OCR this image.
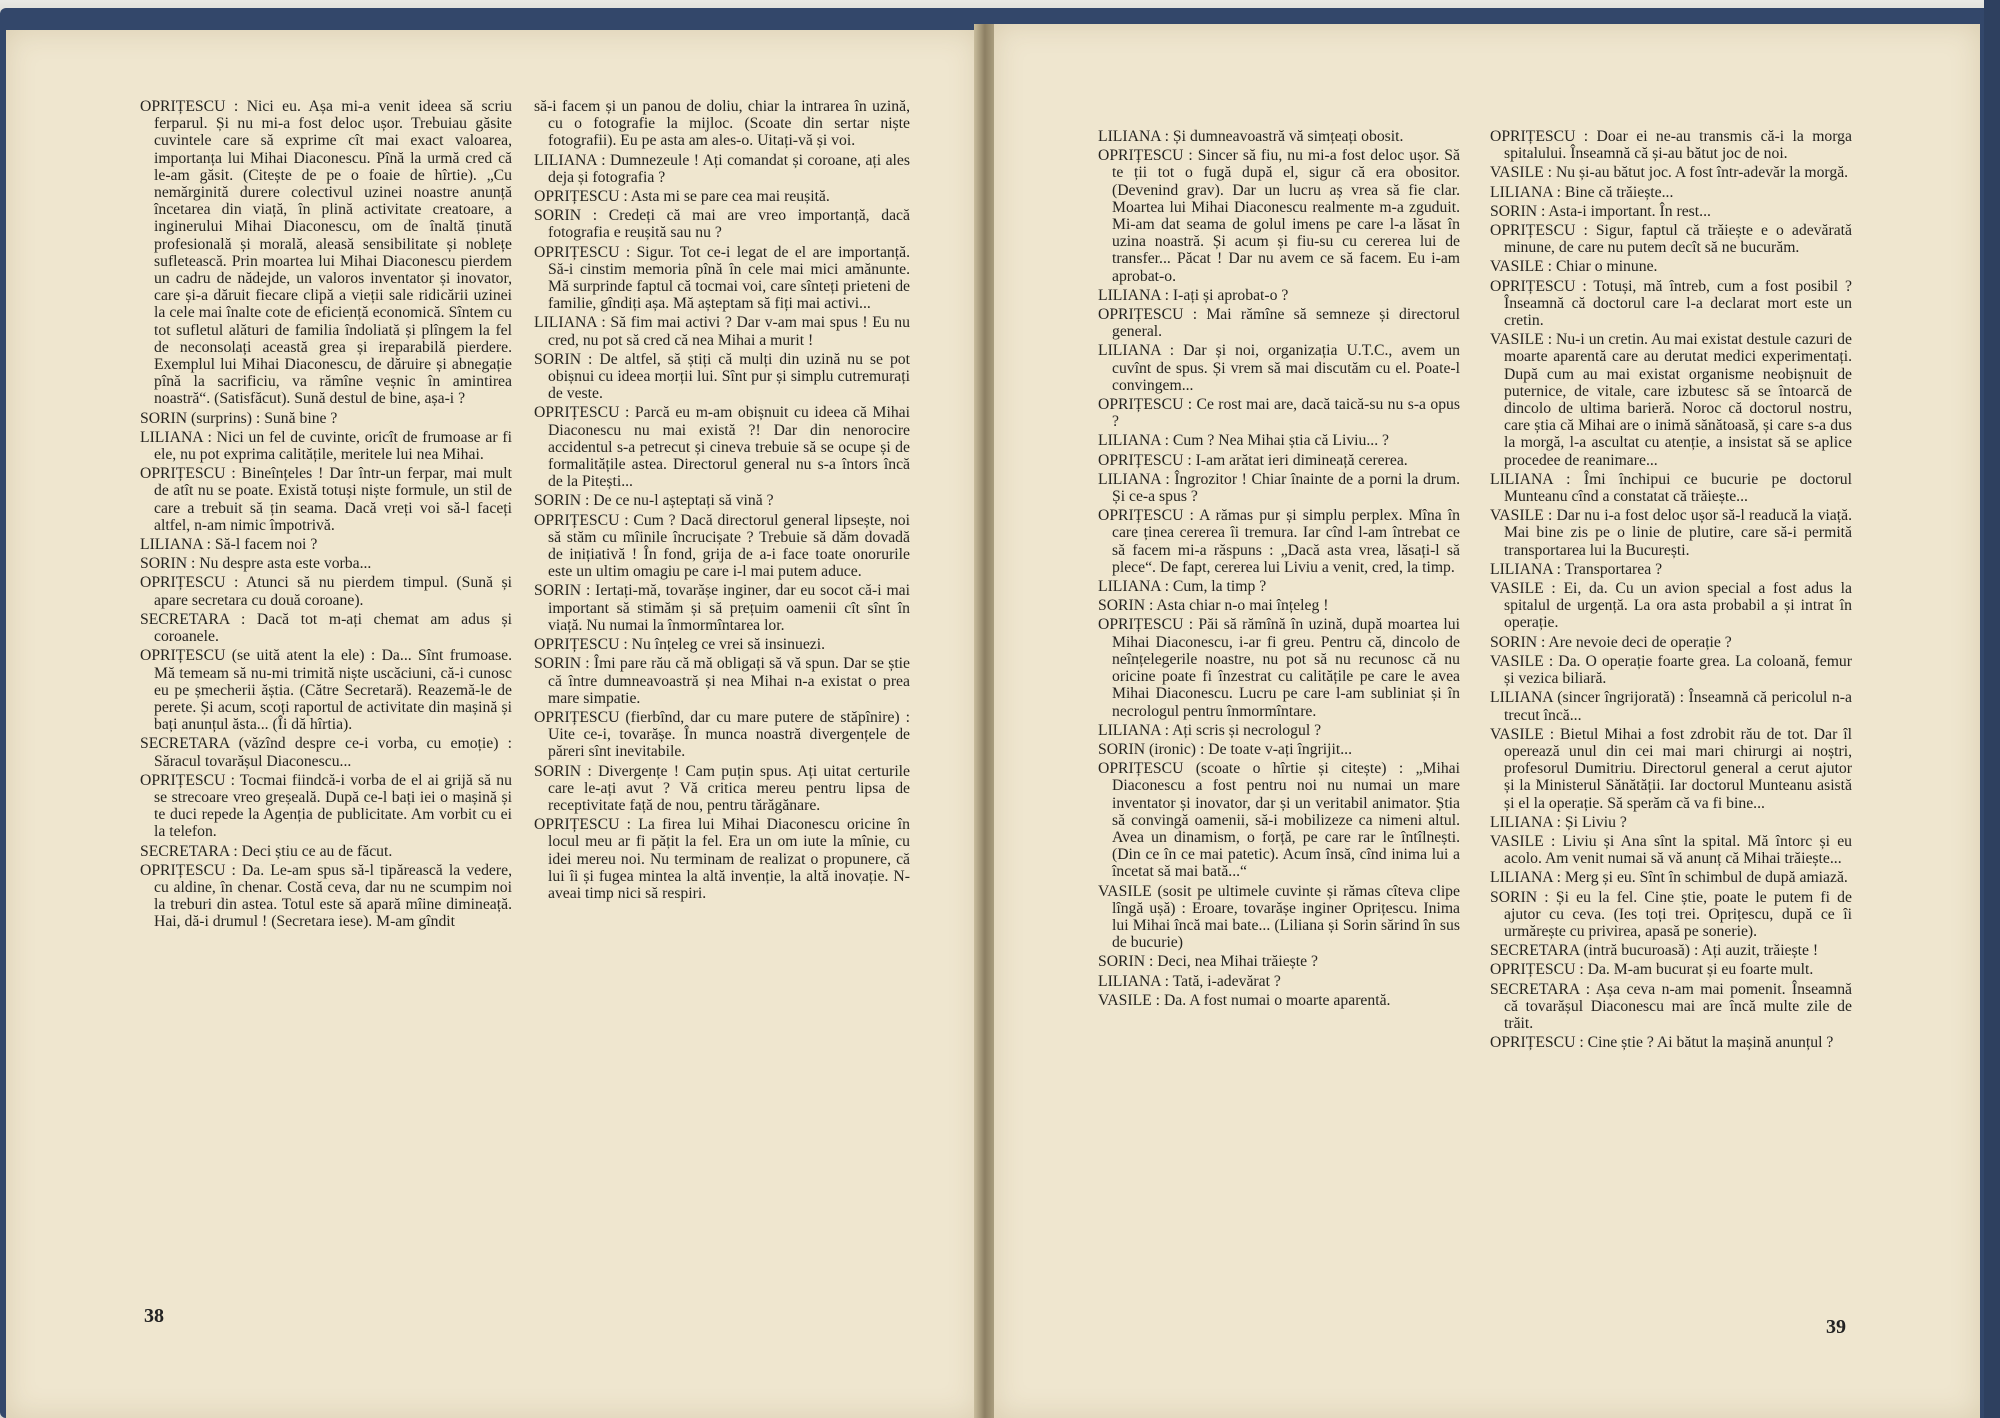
OPRIȚESCU : Nici eu. Așa mi-a venit ideea să scriu ferparul. Și nu mi-a fost deloc ușor. Trebuiau găsite cuvintele care să exprime cît mai exact valoarea, importanța lui Mihai Diaconescu. Pînă la urmă cred că le-am găsit. (Citește de pe o foaie de hîrtie). „Cu nemărginită durere colectivul uzinei noastre anunță încetarea din viață, în plină activitate creatoare, a inginerului Mihai Diaconescu, om de înaltă ținută profesională și morală, aleasă sensibilitate și noblețe sufletească. Prin moartea lui Mihai Diaconescu pierdem un cadru de nădejde, un valoros inventator și inovator, care și-a dăruit fiecare clipă a vieții sale ridicării uzinei la cele mai înalte cote de eficiență economică. Sîntem cu tot sufletul alături de familia îndoliată și plîngem la fel de neconsolați această grea și ireparabilă pierdere. Exemplul lui Mihai Diaconescu, de dăruire și abnegație pînă la sacrificiu, va rămîne veșnic în amintirea noastră“. (Satisfăcut). Sună destul de bine, așa-i ?

SORIN (surprins) : Sună bine ?

LILIANA : Nici un fel de cuvinte, oricît de frumoase ar fi ele, nu pot exprima calitățile, meritele lui nea Mihai.

OPRIȚESCU : Bineînțeles ! Dar într-un ferpar, mai mult de atît nu se poate. Există totuși niște formule, un stil de care a trebuit să țin seama. Dacă vreți voi să-l faceți altfel, n-am nimic împotrivă.

LILIANA : Să-l facem noi ?

SORIN : Nu despre asta este vorba...

OPRIȚESCU : Atunci să nu pierdem timpul. (Sună și apare secretara cu două coroane).

SECRETARA : Dacă tot m-ați chemat am adus și coroanele.

OPRIȚESCU (se uită atent la ele) : Da... Sînt frumoase. Mă temeam să nu-mi trimită niște uscăciuni, că-i cunosc eu pe șmecherii ăștia. (Către Secretară). Reazemă-le de perete. Și acum, scoți raportul de activitate din mașină și bați anunțul ăsta... (Îi dă hîrtia).

SECRETARA (văzînd despre ce-i vorba, cu emoție) : Săracul tovarășul Diaconescu...

OPRIȚESCU : Tocmai fiindcă-i vorba de el ai grijă să nu se strecoare vreo greșeală. După ce-l bați iei o mașină și te duci repede la Agenția de publicitate. Am vorbit cu ei la telefon.

SECRETARA : Deci știu ce au de făcut.

OPRIȚESCU : Da. Le-am spus să-l tipărească la vedere, cu aldine, în chenar. Costă ceva, dar nu ne scumpim noi la treburi din astea. Totul este să apară mîine dimineață. Hai, dă-i drumul ! (Secretara iese). M-am gîndit

să-i facem și un panou de doliu, chiar la intrarea în uzină, cu o fotografie la mijloc. (Scoate din sertar niște fotografii). Eu pe asta am ales-o. Uitați-vă și voi.

LILIANA : Dumnezeule ! Ați comandat și coroane, ați ales deja și fotografia ?

OPRIȚESCU : Asta mi se pare cea mai reușită.

SORIN : Credeți că mai are vreo importanță, dacă fotografia e reușită sau nu ?

OPRIȚESCU : Sigur. Tot ce-i legat de el are importanță. Să-i cinstim memoria pînă în cele mai mici amănunte. Mă surprinde faptul că tocmai voi, care sînteți prieteni de familie, gîndiți așa. Mă așteptam să fiți mai activi...

LILIANA : Să fim mai activi ? Dar v-am mai spus ! Eu nu cred, nu pot să cred că nea Mihai a murit !

SORIN : De altfel, să știți că mulți din uzină nu se pot obișnui cu ideea morții lui. Sînt pur și simplu cutremurați de veste.

OPRIȚESCU : Parcă eu m-am obișnuit cu ideea că Mihai Diaconescu nu mai există ?! Dar din nenorocire accidentul s-a petrecut și cineva trebuie să se ocupe și de formalitățile astea. Directorul general nu s-a întors încă de la Pitești...

SORIN : De ce nu-l așteptați să vină ?

OPRIȚESCU : Cum ? Dacă directorul general lipsește, noi să stăm cu mîinile încrucișate ? Trebuie să dăm dovadă de inițiativă ! În fond, grija de a-i face toate onorurile este un ultim omagiu pe care i-l mai putem aduce.

SORIN : Iertați-mă, tovarășe inginer, dar eu socot că-i mai important să stimăm și să prețuim oamenii cît sînt în viață. Nu numai la înmormîntarea lor.

OPRIȚESCU : Nu înțeleg ce vrei să insinuezi.

SORIN : Îmi pare rău că mă obligați să vă spun. Dar se știe că între dumneavoastră și nea Mihai n-a existat o prea mare simpatie.

OPRIȚESCU (fierbînd, dar cu mare putere de stăpînire) : Uite ce-i, tovarășe. În munca noastră divergențele de păreri sînt inevitabile.

SORIN : Divergențe ! Cam puțin spus. Ați uitat certurile care le-ați avut ? Vă critica mereu pentru lipsa de receptivitate față de nou, pentru tărăgănare.

OPRIȚESCU : La firea lui Mihai Diaconescu oricine în locul meu ar fi pățit la fel. Era un om iute la mînie, cu idei mereu noi. Nu terminam de realizat o propunere, că lui îi și fugea mintea la altă invenție, la altă inovație. N-aveai timp nici să respiri.

38

LILIANA : Și dumneavoastră vă simțeați obosit.

OPRIȚESCU : Sincer să fiu, nu mi-a fost deloc ușor. Să te ții tot o fugă după el, sigur că era obositor. (Devenind grav). Dar un lucru aș vrea să fie clar. Moartea lui Mihai Diaconescu realmente m-a zguduit. Mi-am dat seama de golul imens pe care l-a lăsat în uzina noastră. Și acum și fiu-su cu cererea lui de transfer... Păcat ! Dar nu avem ce să facem. Eu i-am aprobat-o.

LILIANA : I-ați și aprobat-o ?

OPRIȚESCU : Mai rămîne să semneze și directorul general.

LILIANA : Dar și noi, organizația U.T.C., avem un cuvînt de spus. Și vrem să mai discutăm cu el. Poate-l convingem...

OPRIȚESCU : Ce rost mai are, dacă taică-su nu s-a opus ?

LILIANA : Cum ? Nea Mihai știa că Liviu... ?

OPRIȚESCU : I-am arătat ieri dimineață cererea.

LILIANA : Îngrozitor ! Chiar înainte de a porni la drum. Și ce-a spus ?

OPRIȚESCU : A rămas pur și simplu perplex. Mîna în care ținea cererea îi tremura. Iar cînd l-am întrebat ce să facem mi-a răspuns : „Dacă asta vrea, lăsați-l să plece“. De fapt, cererea lui Liviu a venit, cred, la timp.

LILIANA : Cum, la timp ?

SORIN : Asta chiar n-o mai înțeleg !

OPRIȚESCU : Păi să rămînă în uzină, după moartea lui Mihai Diaconescu, i-ar fi greu. Pentru că, dincolo de neînțelegerile noastre, nu pot să nu recunosc că nu oricine poate fi înzestrat cu calitățile pe care le avea Mihai Diaconescu. Lucru pe care l-am subliniat și în necrologul pentru înmormîntare.

LILIANA : Ați scris și necrologul ?

SORIN (ironic) : De toate v-ați îngrijit...

OPRIȚESCU (scoate o hîrtie și citește) : „Mihai Diaconescu a fost pentru noi nu numai un mare inventator și inovator, dar și un veritabil animator. Știa să convingă oamenii, să-i mobilizeze ca nimeni altul. Avea un dinamism, o forță, pe care rar le întîlnești. (Din ce în ce mai patetic). Acum însă, cînd inima lui a încetat să mai bată...“

VASILE (sosit pe ultimele cuvinte și rămas cîteva clipe lîngă ușă) : Eroare, tovarășe inginer Oprițescu. Inima lui Mihai încă mai bate... (Liliana și Sorin sărind în sus de bucurie)

SORIN : Deci, nea Mihai trăiește ?

LILIANA : Tată, i-adevărat ?

VASILE : Da. A fost numai o moarte aparentă.

OPRIȚESCU : Doar ei ne-au transmis că-i la morga spitalului. Înseamnă că și-au bătut joc de noi.

VASILE : Nu și-au bătut joc. A fost într-adevăr la morgă.

LILIANA : Bine că trăiește...

SORIN : Asta-i important. În rest...

OPRIȚESCU : Sigur, faptul că trăiește e o adevărată minune, de care nu putem decît să ne bucurăm.

VASILE : Chiar o minune.

OPRIȚESCU : Totuși, mă întreb, cum a fost posibil ? Înseamnă că doctorul care l-a declarat mort este un cretin.

VASILE : Nu-i un cretin. Au mai existat destule cazuri de moarte aparentă care au derutat medici experimentați. După cum au mai existat organisme neobișnuit de puternice, de vitale, care izbutesc să se întoarcă de dincolo de ultima barieră. Noroc că doctorul nostru, care știa că Mihai are o inimă sănătoasă, și care s-a dus la morgă, l-a ascultat cu atenție, a insistat să se aplice procedee de reanimare...

LILIANA : Îmi închipui ce bucurie pe doctorul Munteanu cînd a constatat că trăiește...

VASILE : Dar nu i-a fost deloc ușor să-l readucă la viață. Mai bine zis pe o linie de plutire, care să-i permită transportarea lui la București.

LILIANA : Transportarea ?

VASILE : Ei, da. Cu un avion special a fost adus la spitalul de urgență. La ora asta probabil a și intrat în operație.

SORIN : Are nevoie deci de operație ?

VASILE : Da. O operație foarte grea. La coloană, femur și vezica biliară.

LILIANA (sincer îngrijorată) : Înseamnă că pericolul n-a trecut încă...

VASILE : Bietul Mihai a fost zdrobit rău de tot. Dar îl operează unul din cei mai mari chirurgi ai noștri, profesorul Dumitriu. Directorul general a cerut ajutor și la Ministerul Sănătății. Iar doctorul Munteanu asistă și el la operație. Să sperăm că va fi bine...

LILIANA : Și Liviu ?

VASILE : Liviu și Ana sînt la spital. Mă întorc și eu acolo. Am venit numai să vă anunț că Mihai trăiește...

LILIANA : Merg și eu. Sînt în schimbul de după amiază.

SORIN : Și eu la fel. Cine știe, poate le putem fi de ajutor cu ceva. (Ies toți trei. Oprițescu, după ce îi urmărește cu privirea, apasă pe sonerie).

SECRETARA (intră bucuroasă) : Ați auzit, trăiește !

OPRIȚESCU : Da. M-am bucurat și eu foarte mult.

SECRETARA : Așa ceva n-am mai pomenit. Înseamnă că tovarășul Diaconescu mai are încă multe zile de trăit.

OPRIȚESCU : Cine știe ? Ai bătut la mașină anunțul ?

39
